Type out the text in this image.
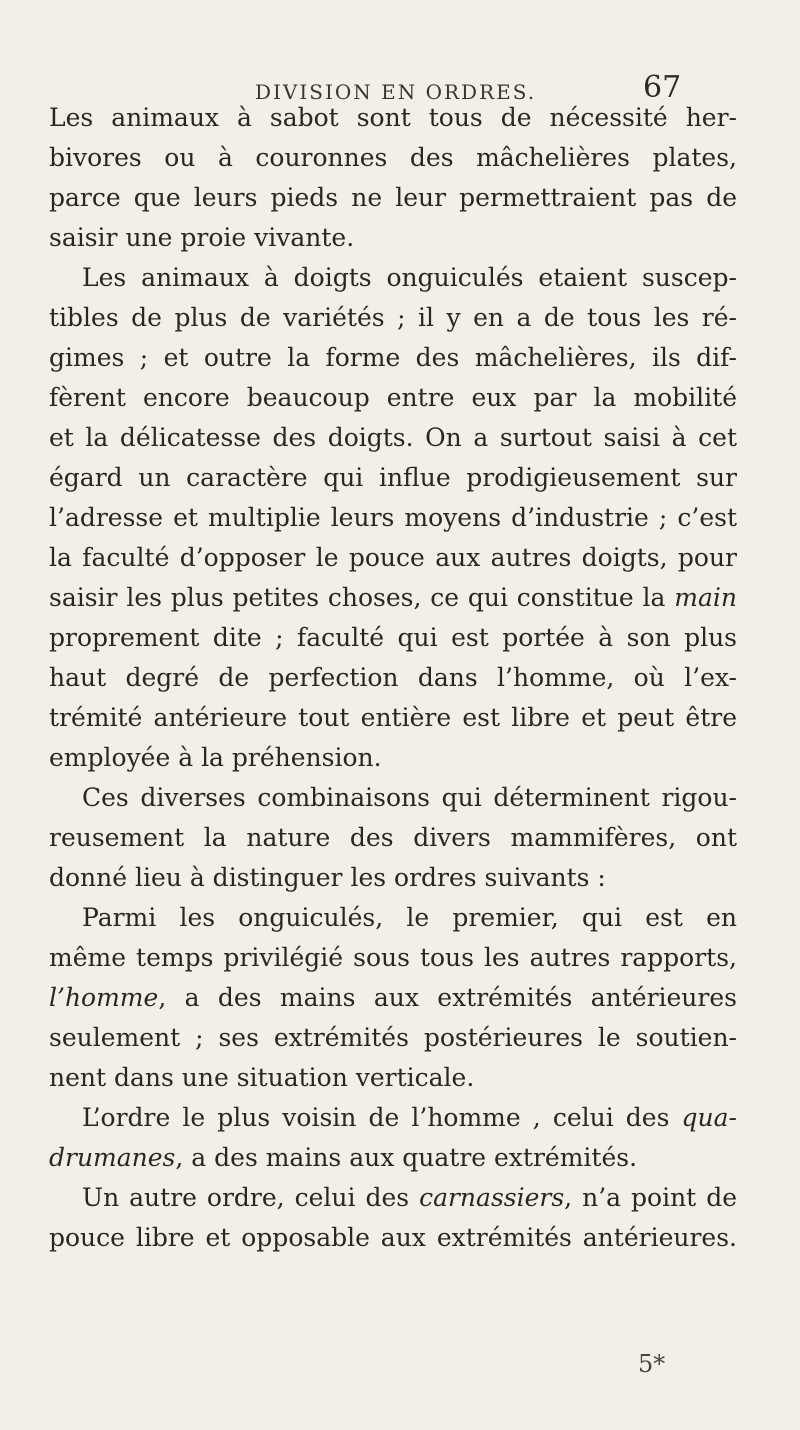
DIVISION EN ORDRES.	67
Les animaux à sabot sont tous de nécessité her-
bivores ou à couronnes des mâchelières plates,
parce que leurs pieds ne leur permettraient pas de
saisir une proie vivante.
Les animaux à doigts onguiculés etaient suscep-
tibles de plus de variétés ; il y en a de tous les ré-
gimes ; et outre la forme des mâchelières, ils dif-
fèrent encore beaucoup entre eux par la mobilité
et la délicatesse des doigts. On a surtout saisi à cet
égard un caractère qui influe prodigieusement sur
l’adresse et multiplie leurs moyens d’industrie ; c’est
la faculté d’opposer le pouce aux autres doigts, pour
saisir les plus petites choses, ce qui constitue la main
proprement dite ; faculté qui est portée à son plus
haut degré de perfection dans l’homme, où l’ex-
trémité antérieure tout entière est libre et peut être
employée à la préhension.
Ces diverses combinaisons qui déterminent rigou-
reusement la nature des divers mammifères, ont
donné lieu à distinguer les ordres suivants :
Parmi les onguiculés, le premier, qui est en
même temps privilégié sous tous les autres rapports,
l’homme, a des mains aux extrémités antérieures
seulement ; ses extrémités postérieures le soutien-
nent dans une situation verticale.
L’ordre le plus voisin de l’homme , celui des qua-
drumanes, a des mains aux quatre extrémités.
Un autre ordre, celui des carnassiers, n’a point de
pouce libre et opposable aux extrémités antérieures.
5*
